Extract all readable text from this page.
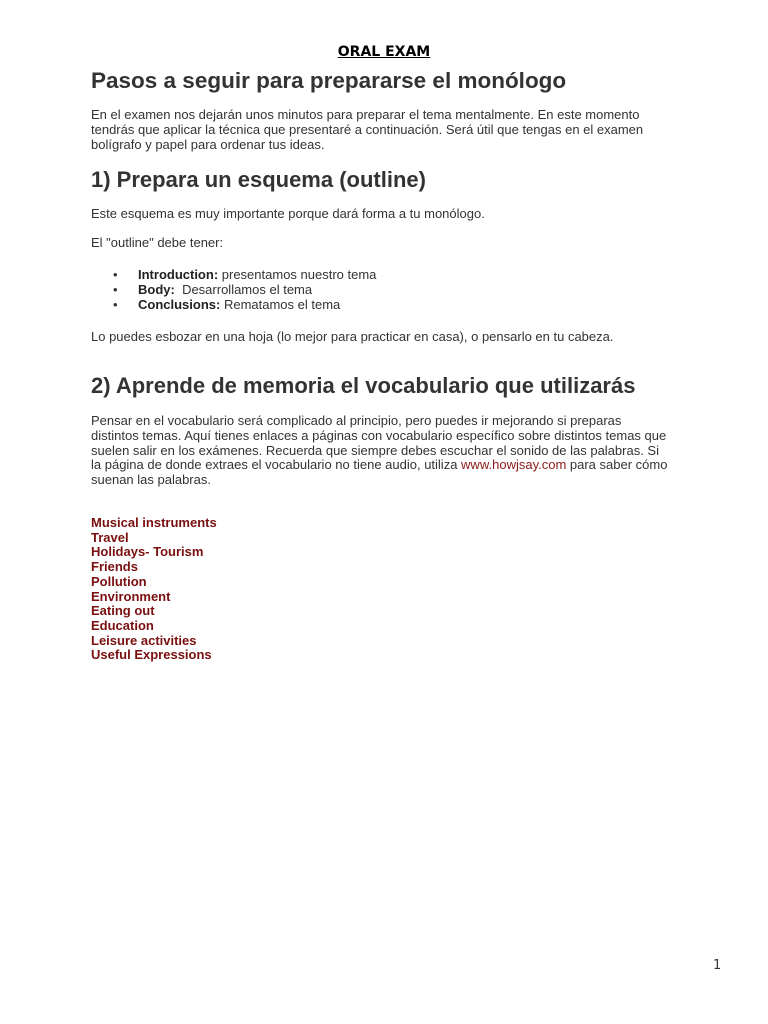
ORAL EXAM
Pasos a seguir para prepararse el monólogo

En el examen nos dejarán unos minutos para preparar el tema mentalmente. En este momento tendrás que aplicar la técnica que presentaré a continuación. Será útil que tengas en el examen bolígrafo y papel para ordenar tus ideas.

1) Prepara un esquema (outline)

Este esquema es muy importante porque dará forma a tu monólogo.

El "outline" debe tener:

• Introduction: presentamos nuestro tema
• Body:  Desarrollamos el tema
• Conclusions: Rematamos el tema

Lo puedes esbozar en una hoja (lo mejor para practicar en casa), o pensarlo en tu cabeza.

2) Aprende de memoria el vocabulario que utilizarás

Pensar en el vocabulario será complicado al principio, pero puedes ir mejorando si preparas distintos temas. Aquí tienes enlaces a páginas con vocabulario específico sobre distintos temas que suelen salir en los exámenes. Recuerda que siempre debes escuchar el sonido de las palabras. Si la página de donde extraes el vocabulario no tiene audio, utiliza www.howjsay.com para saber cómo suenan las palabras.

Musical instruments
Travel
Holidays- Tourism
Friends
Pollution
Environment
Eating out
Education
Leisure activities
Useful Expressions
1
